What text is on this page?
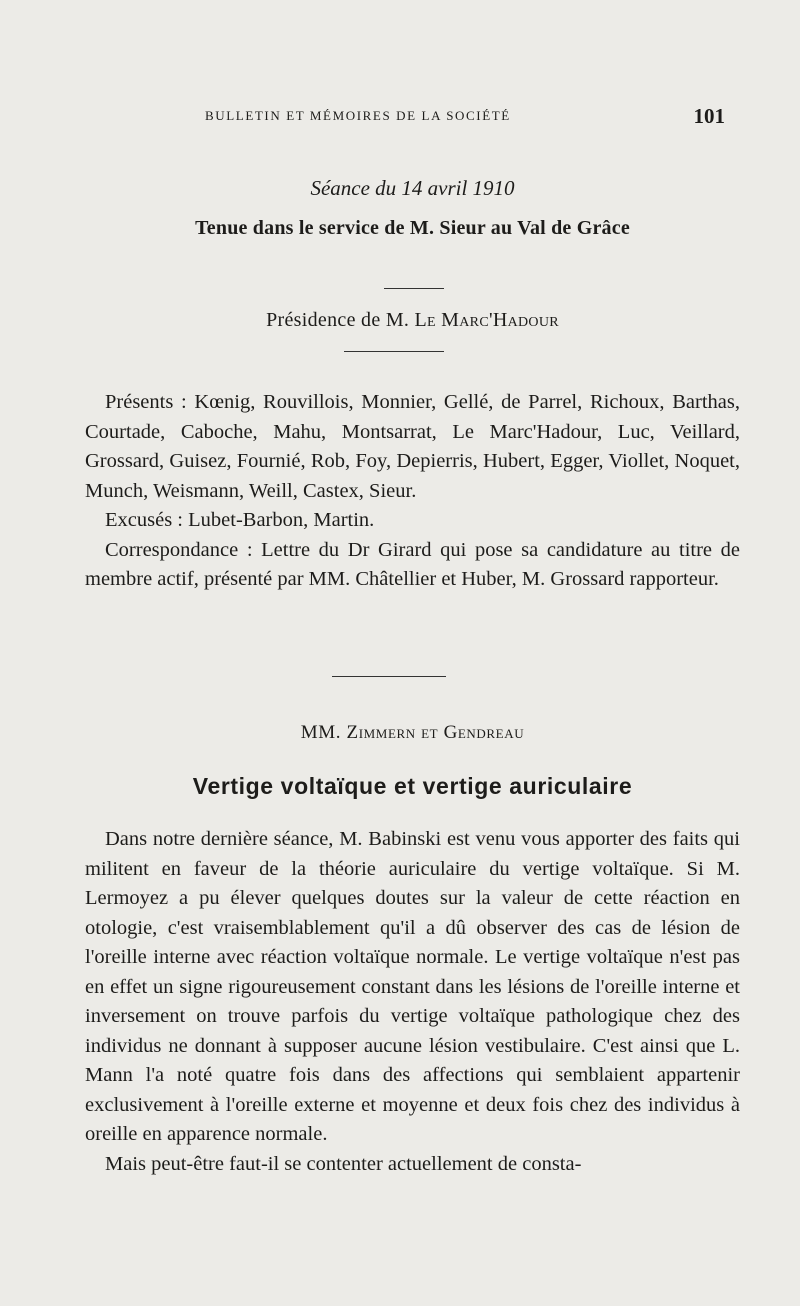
BULLETIN ET MÉMOIRES DE LA SOCIÉTÉ	101
Séance du 14 avril 1910
Tenue dans le service de M. Sieur au Val de Grâce
Présidence de M. Le Marc'Hadour

Présents : Kœnig, Rouvillois, Monnier, Gellé, de Parrel, Richoux, Barthas, Courtade, Caboche, Mahu, Montsarrat, Le Marc'Hadour, Luc, Veillard, Grossard, Guisez, Fournié, Rob, Foy, Depierris, Hubert, Egger, Viollet, Noquet, Munch, Weismann, Weill, Castex, Sieur.

Excusés : Lubet-Barbon, Martin.

Correspondance : Lettre du Dr Girard qui pose sa candidature au titre de membre actif, présenté par MM. Châtellier et Huber, M. Grossard rapporteur.

MM. Zimmern et Gendreau
Vertige voltaïque et vertige auriculaire

Dans notre dernière séance, M. Babinski est venu vous apporter des faits qui militent en faveur de la théorie auriculaire du vertige voltaïque. Si M. Lermoyez a pu élever quelques doutes sur la valeur de cette réaction en otologie, c'est vraisemblablement qu'il a dû observer des cas de lésion de l'oreille interne avec réaction voltaïque normale. Le vertige voltaïque n'est pas en effet un signe rigoureusement constant dans les lésions de l'oreille interne et inversement on trouve parfois du vertige voltaïque pathologique chez des individus ne donnant à supposer aucune lésion vestibulaire. C'est ainsi que L. Mann l'a noté quatre fois dans des affections qui semblaient appartenir exclusivement à l'oreille externe et moyenne et deux fois chez des individus à oreille en apparence normale.

Mais peut-être faut-il se contenter actuellement de consta-
